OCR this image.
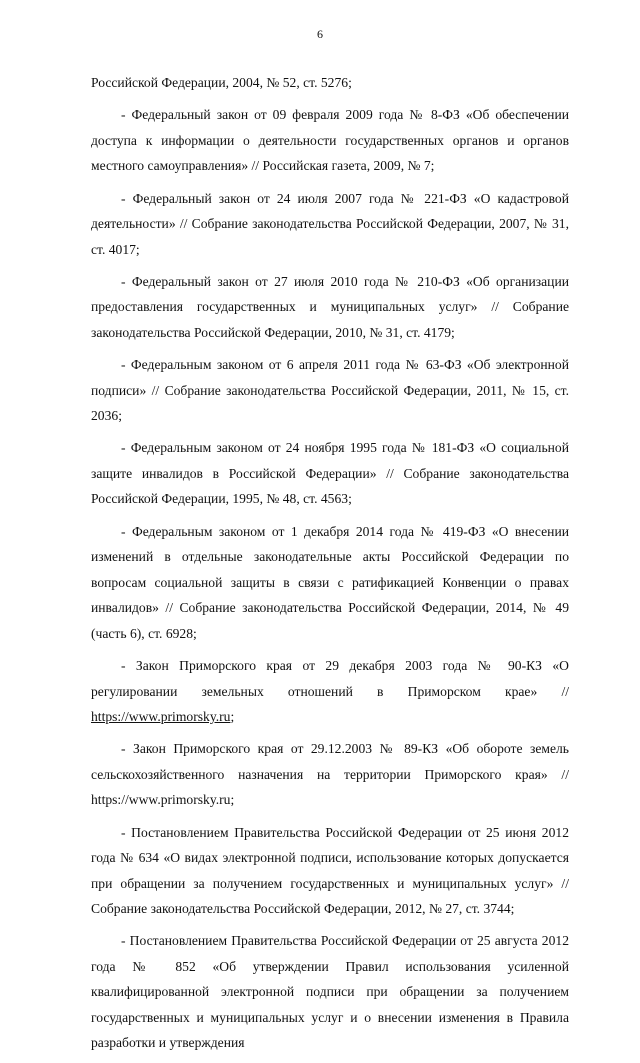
6

Российской Федерации, 2004, № 52, ст. 5276;

- Федеральный закон от 09 февраля 2009 года № 8-ФЗ «Об обеспечении доступа к информации о деятельности государственных органов и органов местного самоуправления» // Российская газета, 2009, № 7;

- Федеральный закон от 24 июля 2007 года № 221-ФЗ «О кадастровой деятельности» // Собрание законодательства Российской Федерации, 2007, № 31, ст. 4017;

- Федеральный закон от 27 июля 2010 года № 210-ФЗ «Об организации предоставления государственных и муниципальных услуг» // Собрание законодательства Российской Федерации, 2010, № 31, ст. 4179;

- Федеральным законом от 6 апреля 2011 года № 63-ФЗ «Об электронной подписи» // Собрание законодательства Российской Федерации, 2011, № 15, ст. 2036;

- Федеральным законом от 24 ноября 1995 года № 181-ФЗ «О социальной защите инвалидов в Российской Федерации» // Собрание законодательства Российской Федерации, 1995, № 48, ст. 4563;

- Федеральным законом от 1 декабря 2014 года № 419-ФЗ «О внесении изменений в отдельные законодательные акты Российской Федерации по вопросам социальной защиты в связи с ратификацией Конвенции о правах инвалидов» // Собрание законодательства Российской Федерации, 2014, № 49 (часть 6), ст. 6928;

- Закон Приморского края от 29 декабря 2003 года № 90-КЗ «О регулировании земельных отношений в Приморском крае» // https://www.primorsky.ru;

- Закон Приморского края от 29.12.2003 № 89-КЗ «Об обороте земель сельскохозяйственного назначения на территории Приморского края» // https://www.primorsky.ru;

- Постановлением Правительства Российской Федерации от 25 июня 2012 года № 634 «О видах электронной подписи, использование которых допускается при обращении за получением государственных и муниципальных услуг» // Собрание законодательства Российской Федерации, 2012, № 27, ст. 3744;

- Постановлением Правительства Российской Федерации от 25 августа 2012 года № 852 «Об утверждении Правил использования усиленной квалифицированной электронной подписи при обращении за получением государственных и муниципальных услуг и о внесении изменения в Правила разработки и утверждения
